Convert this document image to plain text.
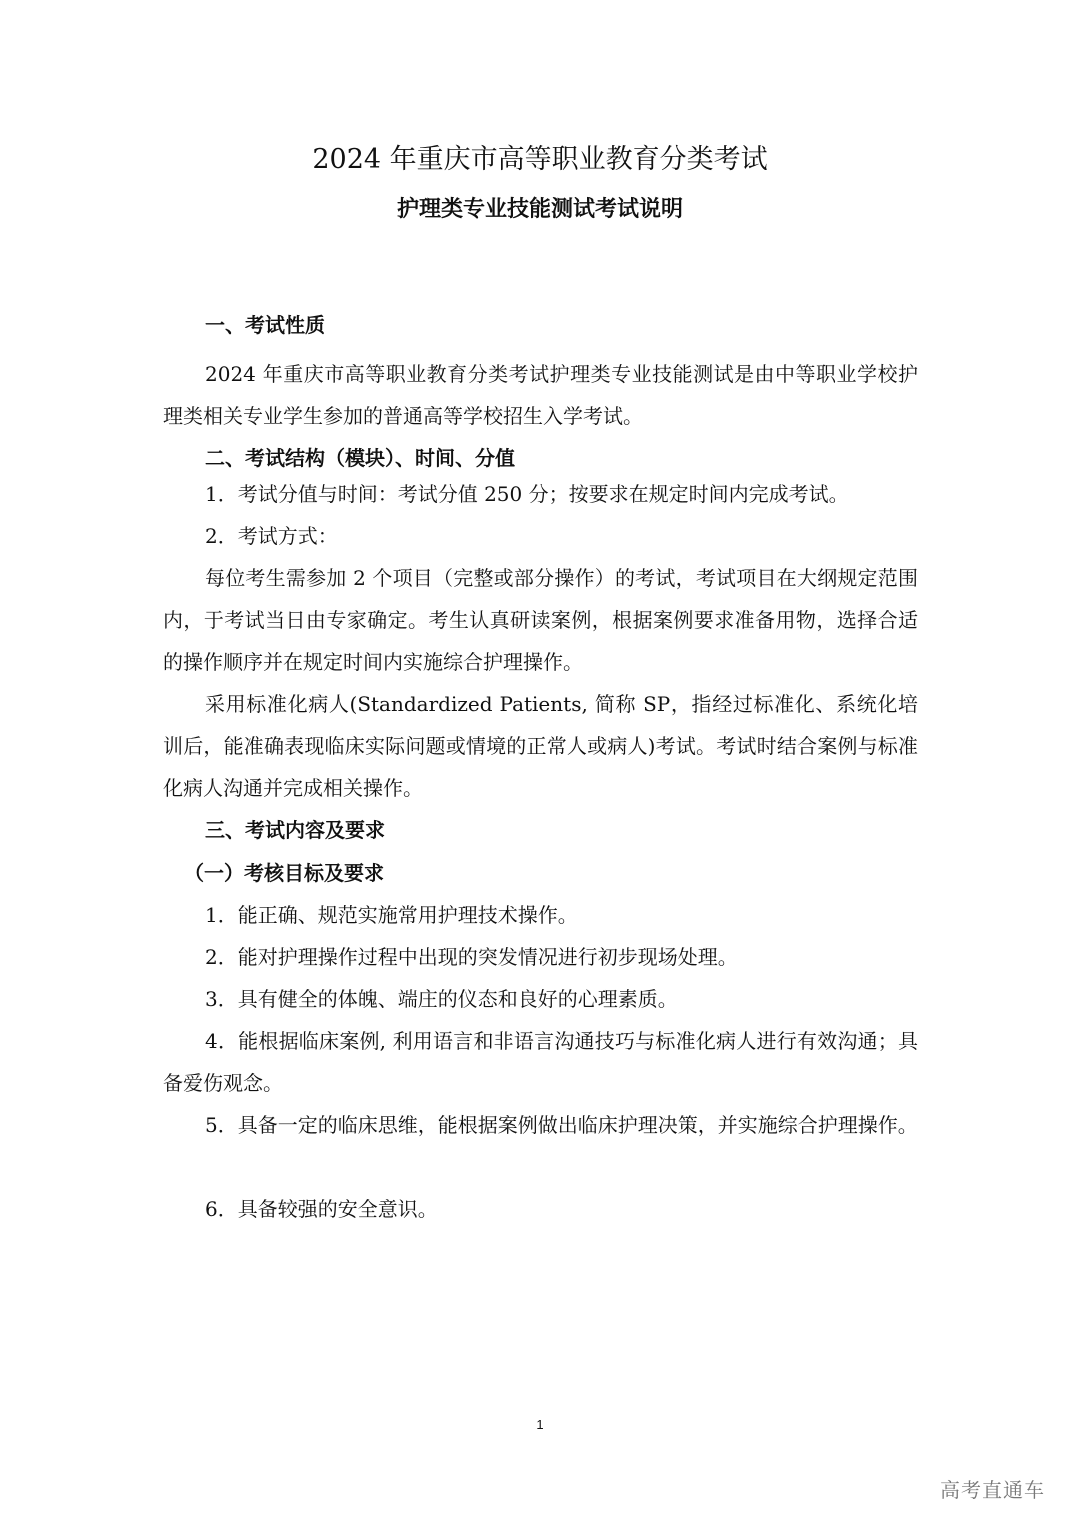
2024 年重庆市高等职业教育分类考试
护理类专业技能测试考试说明
一、考试性质
2024 年重庆市高等职业教育分类考试护理类专业技能测试是由中等职业学校护理类相关专业学生参加的普通高等学校招生入学考试。
二、考试结构（模块）、时间、分值
1．考试分值与时间：考试分值 250 分；按要求在规定时间内完成考试。
2．考试方式：
每位考生需参加 2 个项目（完整或部分操作）的考试，考试项目在大纲规定范围内，于考试当日由专家确定。考生认真研读案例，根据案例要求准备用物，选择合适的操作顺序并在规定时间内实施综合护理操作。
采用标准化病人(Standardized Patients, 简称 SP，指经过标准化、系统化培训后，能准确表现临床实际问题或情境的正常人或病人)考试。考试时结合案例与标准化病人沟通并完成相关操作。
三、考试内容及要求
（一）考核目标及要求
1．能正确、规范实施常用护理技术操作。
2．能对护理操作过程中出现的突发情况进行初步现场处理。
3．具有健全的体魄、端庄的仪态和良好的心理素质。
4．能根据临床案例, 利用语言和非语言沟通技巧与标准化病人进行有效沟通；具备爱伤观念。
5．具备一定的临床思维，能根据案例做出临床护理决策，并实施综合护理操作。
6．具备较强的安全意识。
1
高考直通车
